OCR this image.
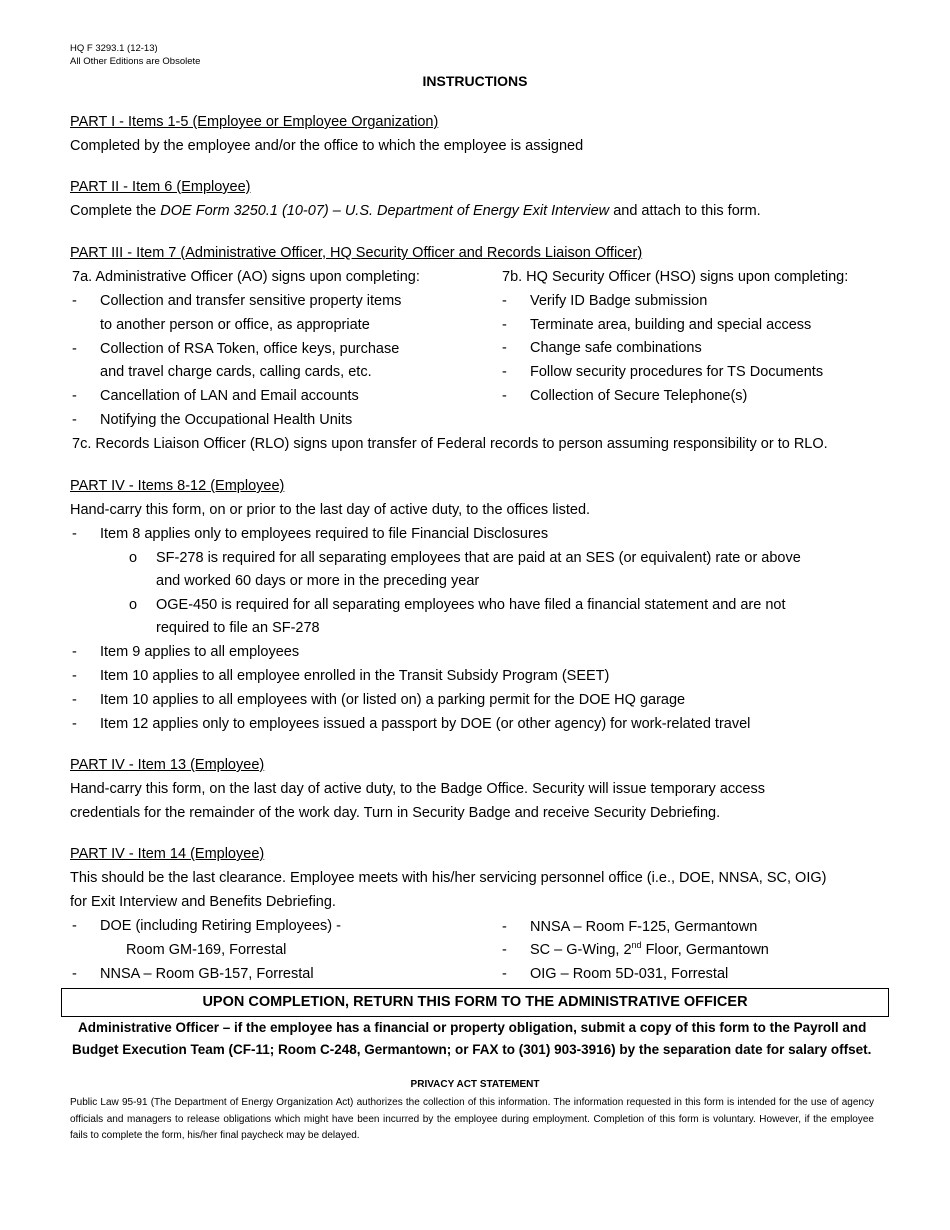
HQ F 3293.1 (12-13)
All Other Editions are Obsolete
INSTRUCTIONS
PART I - Items 1-5 (Employee or Employee Organization)
Completed by the employee and/or the office to which the employee is assigned
PART II - Item 6 (Employee)
Complete the DOE Form 3250.1 (10-07) – U.S. Department of Energy Exit Interview and attach to this form.
PART III - Item 7 (Administrative Officer, HQ Security Officer and Records Liaison Officer)
7a. Administrative Officer (AO) signs upon completing:	7b. HQ Security Officer (HSO) signs upon completing:
- Collection and transfer sensitive property items
to another person or office, as appropriate
- Collection of RSA Token, office keys, purchase
and travel charge cards, calling cards, etc.
- Cancellation of LAN and Email accounts
- Notifying the Occupational Health Units
- Verify ID Badge submission
- Terminate area, building and special access
- Change safe combinations
- Follow security procedures for TS Documents
- Collection of Secure Telephone(s)
7c. Records Liaison Officer (RLO) signs upon transfer of Federal records to person assuming responsibility or to RLO.
PART IV - Items 8-12 (Employee)
Hand-carry this form, on or prior to the last day of active duty, to the offices listed.
- Item 8 applies only to employees required to file Financial Disclosures
o SF-278 is required for all separating employees that are paid at an SES (or equivalent) rate or above
and worked 60 days or more in the preceding year
o OGE-450 is required for all separating employees who have filed a financial statement and are not
required to file an SF-278
- Item 9 applies to all employees
- Item 10 applies to all employee enrolled in the Transit Subsidy Program (SEET)
- Item 10 applies to all employees with (or listed on) a parking permit for the DOE HQ garage
- Item 12 applies only to employees issued a passport by DOE (or other agency) for work-related travel
PART IV - Item 13 (Employee)
Hand-carry this form, on the last day of active duty, to the Badge Office. Security will issue temporary access
credentials for the remainder of the work day. Turn in Security Badge and receive Security Debriefing.
PART IV - Item 14 (Employee)
This should be the last clearance. Employee meets with his/her servicing personnel office (i.e., DOE, NNSA, SC, OIG)
for Exit Interview and Benefits Debriefing.
- DOE (including Retiring Employees) -
Room GM-169, Forrestal
- NNSA – Room GB-157, Forrestal
- NNSA – Room F-125, Germantown
- SC – G-Wing, 2nd Floor, Germantown
- OIG – Room 5D-031, Forrestal
UPON COMPLETION, RETURN THIS FORM TO THE ADMINISTRATIVE OFFICER
Administrative Officer – if the employee has a financial or property obligation, submit a copy of this form to the Payroll and
Budget Execution Team (CF-11; Room C-248, Germantown; or FAX to (301) 903-3916) by the separation date for salary offset.
PRIVACY ACT STATEMENT
Public Law 95-91 (The Department of Energy Organization Act) authorizes the collection of this information. The information requested in this form is intended for the use of agency officials and managers to release obligations which might have been incurred by the employee during employment. Completion of this form is voluntary. However, if the employee fails to complete the form, his/her final paycheck may be delayed.
